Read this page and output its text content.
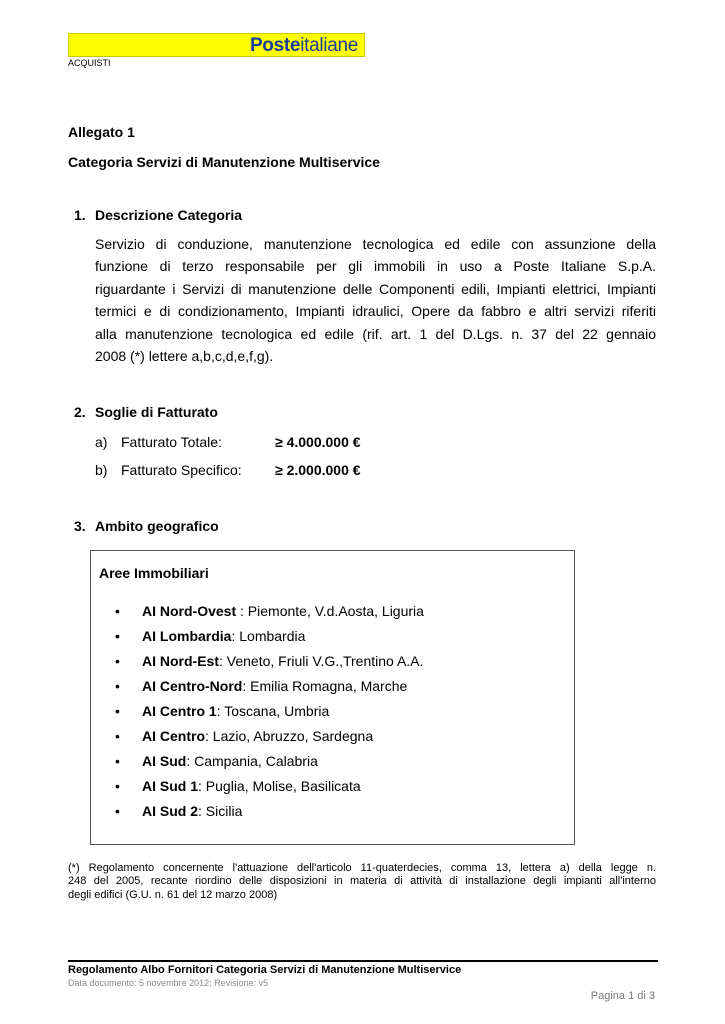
Posteitaliane
ACQUISTI
Allegato 1
Categoria Servizi di Manutenzione Multiservice
1. Descrizione Categoria
Servizio di conduzione, manutenzione tecnologica ed edile con assunzione della
funzione di terzo responsabile per gli immobili in uso a Poste Italiane S.p.A.
riguardante i Servizi di manutenzione delle Componenti edili, Impianti elettrici, Impianti
termici e di condizionamento, Impianti idraulici, Opere da fabbro e altri servizi riferiti
alla manutenzione tecnologica ed edile (rif. art. 1 del D.Lgs. n. 37 del 22 gennaio
2008 (*) lettere a,b,c,d,e,f,g).
2. Soglie di Fatturato
a) Fatturato Totale:	≥ 4.000.000 €
b) Fatturato Specifico: ≥ 2.000.000 €
3. Ambito geografico
Aree Immobiliari
• AI Nord-Ovest : Piemonte, V.d.Aosta, Liguria
• AI Lombardia: Lombardia
• AI Nord-Est: Veneto, Friuli V.G.,Trentino A.A.
• AI Centro-Nord: Emilia Romagna, Marche
• AI Centro 1: Toscana, Umbria
• AI Centro: Lazio, Abruzzo, Sardegna
• AI Sud: Campania, Calabria
• AI Sud 1: Puglia, Molise, Basilicata
• AI Sud 2: Sicilia
(*) Regolamento concernente l'attuazione dell'articolo 11-quaterdecies, comma 13, lettera a) della legge n.
248 del 2005, recante riordino delle disposizioni in materia di attività di installazione degli impianti all'interno
degli edifici (G.U. n. 61 del 12 marzo 2008)
Regolamento Albo Fornitori Categoria Servizi di Manutenzione Multiservice
Data documento: 5 novembre 2012; Revisione: v5
Pagina 1 di 3
